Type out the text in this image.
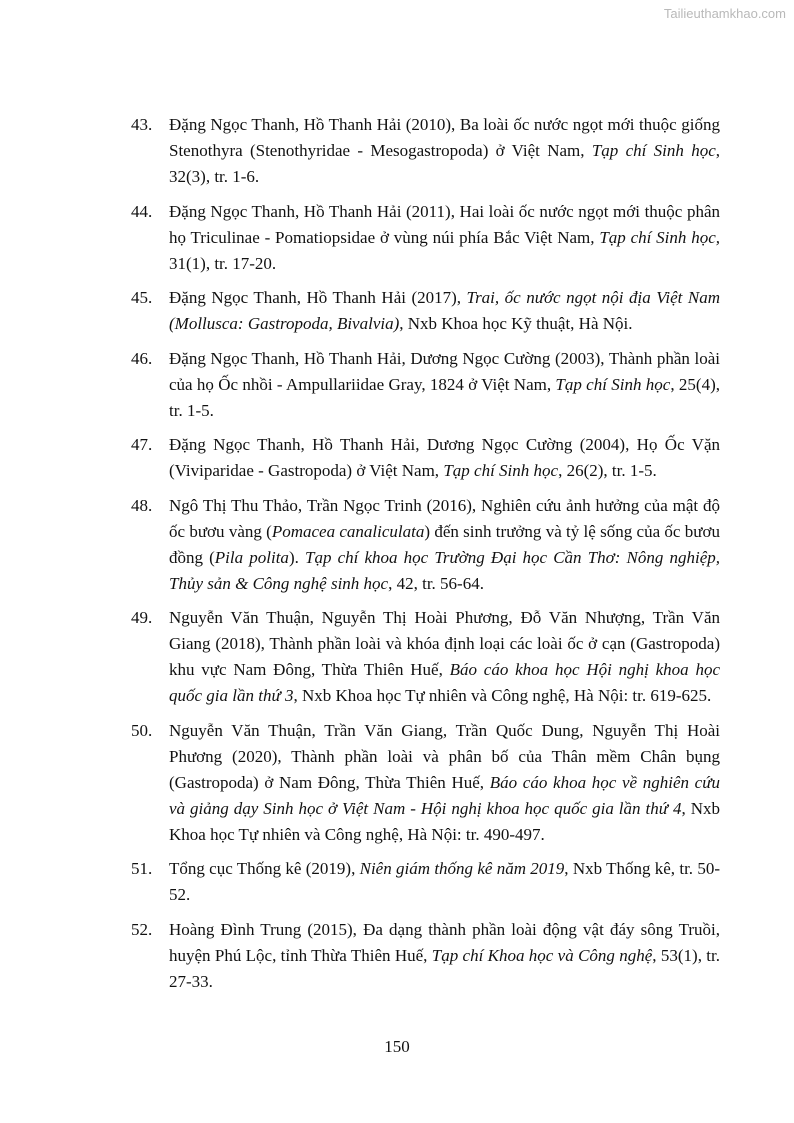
Tailieuthamkhao.com
43. Đặng Ngọc Thanh, Hồ Thanh Hải (2010), Ba loài ốc nước ngọt mới thuộc giống Stenothyra (Stenothyridae - Mesogastropoda) ở Việt Nam, Tạp chí Sinh học, 32(3), tr. 1-6.
44. Đặng Ngọc Thanh, Hồ Thanh Hải (2011), Hai loài ốc nước ngọt mới thuộc phân họ Triculinae - Pomatiopsidae ở vùng núi phía Bắc Việt Nam, Tạp chí Sinh học, 31(1), tr. 17-20.
45. Đặng Ngọc Thanh, Hồ Thanh Hải (2017), Trai, ốc nước ngọt nội địa Việt Nam (Mollusca: Gastropoda, Bivalvia), Nxb Khoa học Kỹ thuật, Hà Nội.
46. Đặng Ngọc Thanh, Hồ Thanh Hải, Dương Ngọc Cường (2003), Thành phần loài của họ Ốc nhồi - Ampullariidae Gray, 1824 ở Việt Nam, Tạp chí Sinh học, 25(4), tr. 1-5.
47. Đặng Ngọc Thanh, Hồ Thanh Hải, Dương Ngọc Cường (2004), Họ Ốc Vặn (Viviparidae - Gastropoda) ở Việt Nam, Tạp chí Sinh học, 26(2), tr. 1-5.
48. Ngô Thị Thu Thảo, Trần Ngọc Trinh (2016), Nghiên cứu ảnh hưởng của mật độ ốc bươu vàng (Pomacea canaliculata) đến sinh trưởng và tỷ lệ sống của ốc bươu đồng (Pila polita). Tạp chí khoa học Trường Đại học Cần Thơ: Nông nghiệp, Thủy sản & Công nghệ sinh học, 42, tr. 56-64.
49. Nguyễn Văn Thuận, Nguyễn Thị Hoài Phương, Đỗ Văn Nhượng, Trần Văn Giang (2018), Thành phần loài và khóa định loại các loài ốc ở cạn (Gastropoda) khu vực Nam Đông, Thừa Thiên Huế, Báo cáo khoa học Hội nghị khoa học quốc gia lần thứ 3, Nxb Khoa học Tự nhiên và Công nghệ, Hà Nội: tr. 619-625.
50. Nguyễn Văn Thuận, Trần Văn Giang, Trần Quốc Dung, Nguyễn Thị Hoài Phương (2020), Thành phần loài và phân bố của Thân mềm Chân bụng (Gastropoda) ở Nam Đông, Thừa Thiên Huế, Báo cáo khoa học về nghiên cứu và giảng dạy Sinh học ở Việt Nam - Hội nghị khoa học quốc gia lần thứ 4, Nxb Khoa học Tự nhiên và Công nghệ, Hà Nội: tr. 490-497.
51. Tổng cục Thống kê (2019), Niên giám thống kê năm 2019, Nxb Thống kê, tr. 50-52.
52. Hoàng Đình Trung (2015), Đa dạng thành phần loài động vật đáy sông Truồi, huyện Phú Lộc, tỉnh Thừa Thiên Huế, Tạp chí Khoa học và Công nghệ, 53(1), tr. 27-33.
150
